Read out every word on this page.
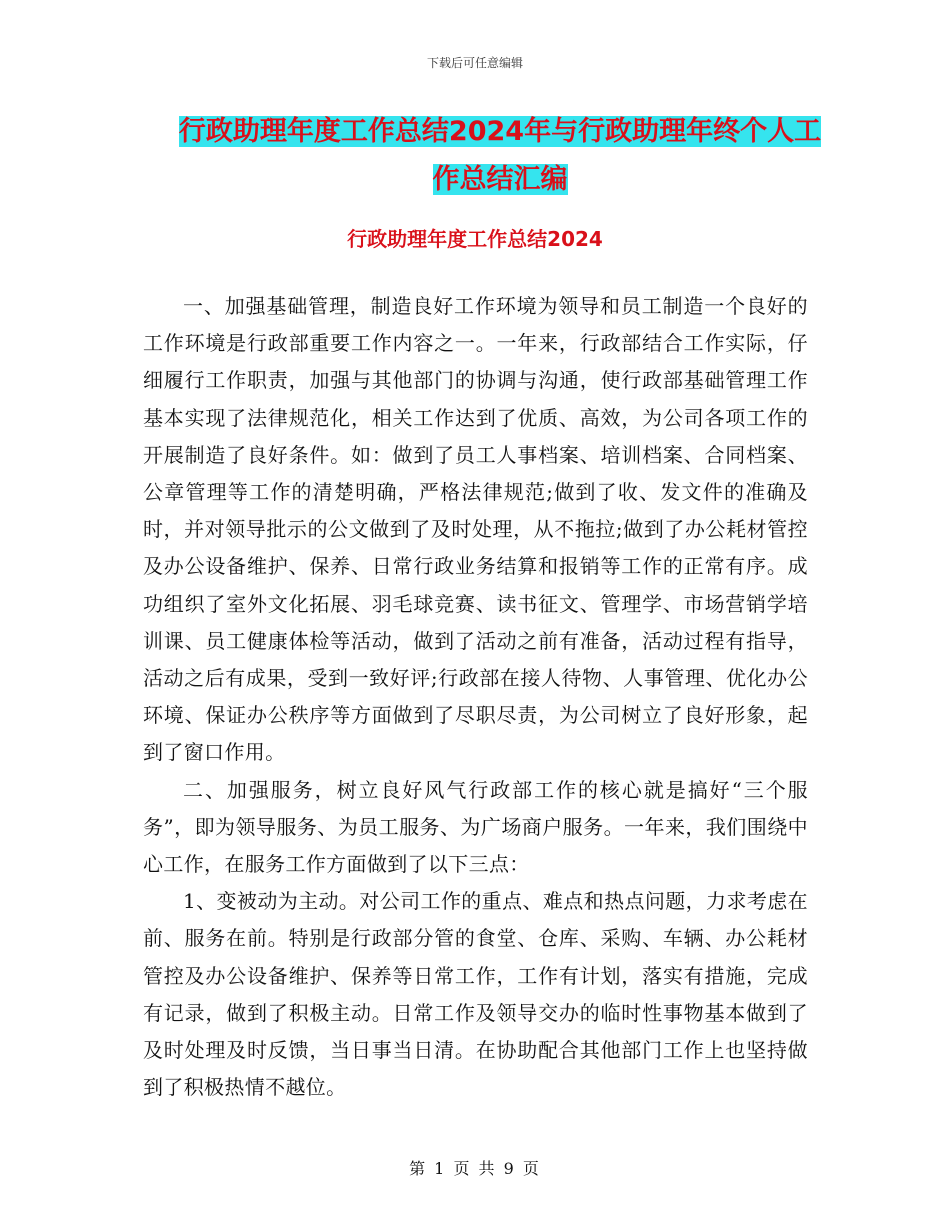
下载后可任意编辑
行政助理年度工作总结2024年与行政助理年终个人工
作总结汇编
行政助理年度工作总结2024

一、加强基础管理，制造良好工作环境为领导和员工制造一个良好的工作环境是行政部重要工作内容之一。一年来，行政部结合工作实际，仔细履行工作职责，加强与其他部门的协调与沟通，使行政部基础管理工作基本实现了法律规范化，相关工作达到了优质、高效，为公司各项工作的开展制造了良好条件。如：做到了员工人事档案、培训档案、合同档案、公章管理等工作的清楚明确，严格法律规范;做到了收、发文件的准确及时，并对领导批示的公文做到了及时处理，从不拖拉;做到了办公耗材管控及办公设备维护、保养、日常行政业务结算和报销等工作的正常有序。成功组织了室外文化拓展、羽毛球竞赛、读书征文、管理学、市场营销学培训课、员工健康体检等活动，做到了活动之前有准备，活动过程有指导，活动之后有成果，受到一致好评;行政部在接人待物、人事管理、优化办公环境、保证办公秩序等方面做到了尽职尽责，为公司树立了良好形象，起到了窗口作用。

二、加强服务，树立良好风气行政部工作的核心就是搞好“三个服务”，即为领导服务、为员工服务、为广场商户服务。一年来，我们围绕中心工作，在服务工作方面做到了以下三点：

1、变被动为主动。对公司工作的重点、难点和热点问题，力求考虑在前、服务在前。特别是行政部分管的食堂、仓库、采购、车辆、办公耗材管控及办公设备维护、保养等日常工作，工作有计划，落实有措施，完成有记录，做到了积极主动。日常工作及领导交办的临时性事物基本做到了及时处理及时反馈，当日事当日清。在协助配合其他部门工作上也坚持做到了积极热情不越位。

第 1 页 共 9 页
